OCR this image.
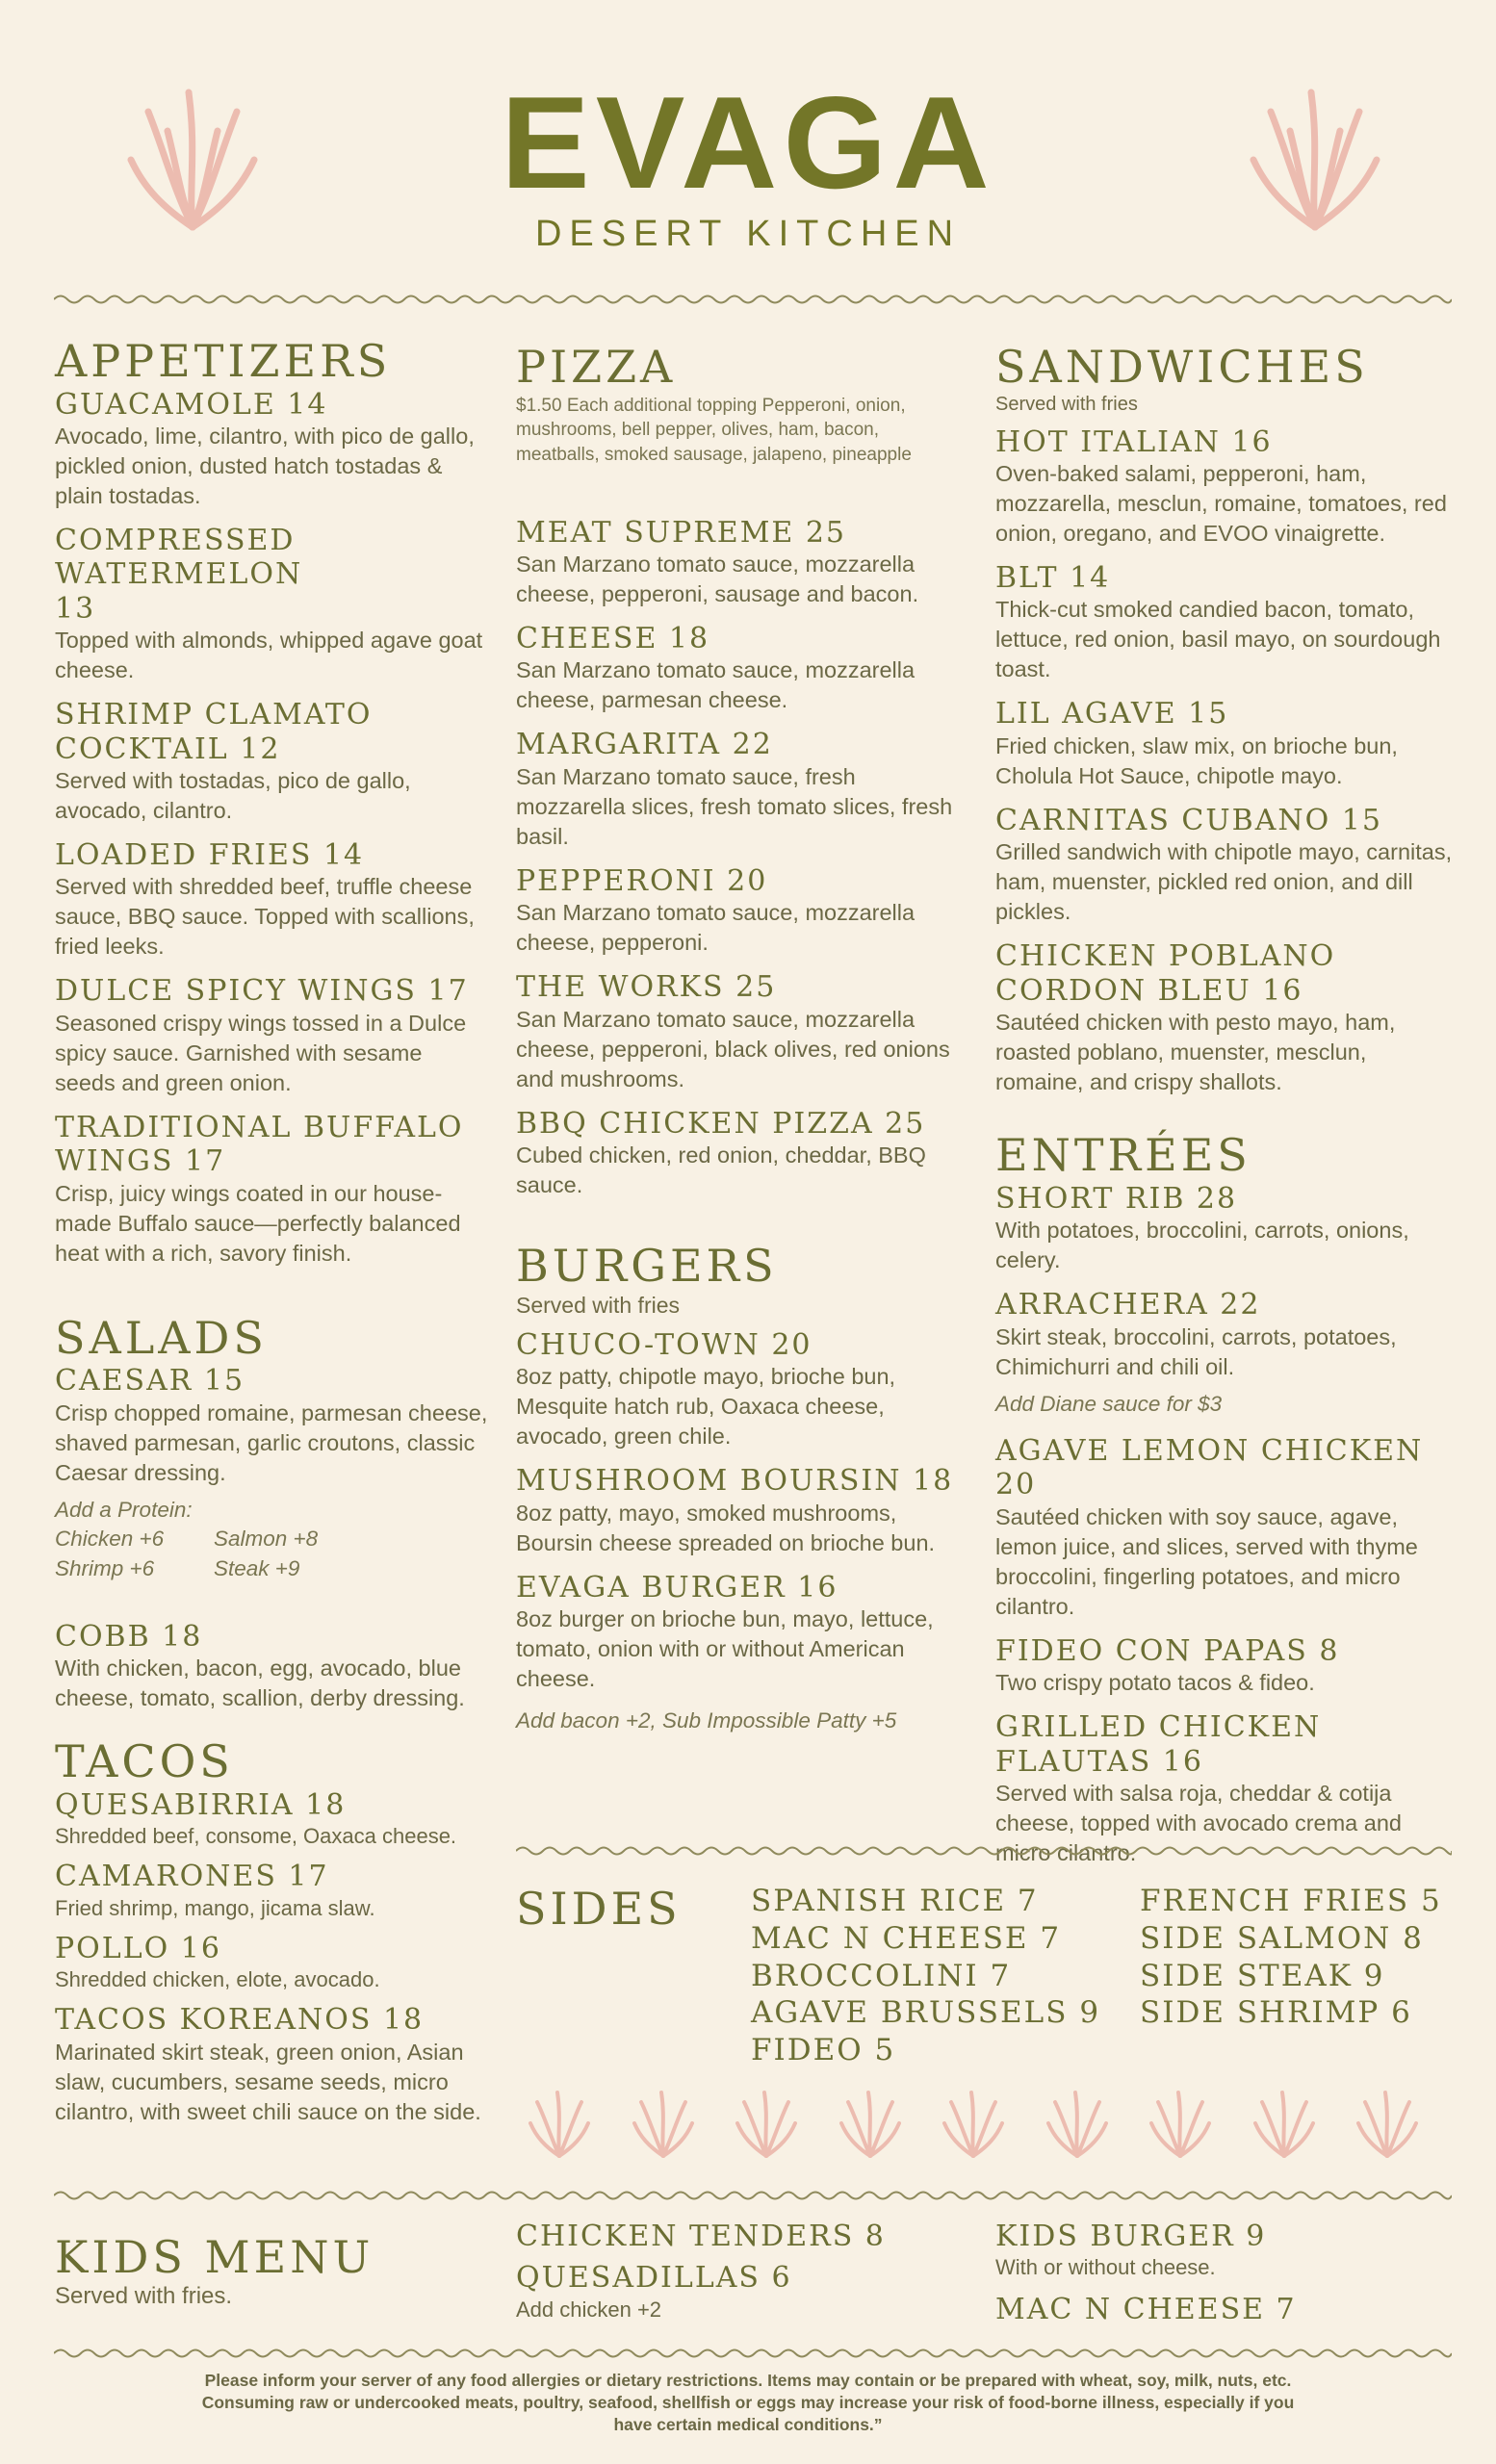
EVAGA
DESERT KITCHEN
APPETIZERS
GUACAMOLE 14
Avocado, lime, cilantro, with pico de gallo, pickled onion, dusted hatch tostadas & plain tostadas.
COMPRESSED WATERMELON 13
Topped with almonds, whipped agave goat cheese.
SHRIMP CLAMATO COCKTAIL 12
Served with tostadas, pico de gallo, avocado, cilantro.
LOADED FRIES 14
Served with shredded beef, truffle cheese sauce, BBQ sauce. Topped with scallions, fried leeks.
DULCE SPICY WINGS 17
Seasoned crispy wings tossed in a Dulce spicy sauce. Garnished with sesame seeds and green onion.
TRADITIONAL BUFFALO WINGS 17
Crisp, juicy wings coated in our house-made Buffalo sauce—perfectly balanced heat with a rich, savory finish.
SALADS
CAESAR 15
Crisp chopped romaine, parmesan cheese, shaved parmesan, garlic croutons, classic Caesar dressing.
Add a Protein:
Chicken +6	Salmon +8
Shrimp +6	Steak +9
COBB 18
With chicken, bacon, egg, avocado, blue cheese, tomato, scallion, derby dressing.
TACOS
QUESABIRRIA 18
Shredded beef, consome, Oaxaca cheese.
CAMARONES 17
Fried shrimp, mango, jicama slaw.
POLLO 16
Shredded chicken, elote, avocado.
TACOS KOREANOS 18
Marinated skirt steak, green onion, Asian slaw, cucumbers, sesame seeds, micro cilantro, with sweet chili sauce on the side.
PIZZA
$1.50 Each additional topping Pepperoni, onion, mushrooms, bell pepper, olives, ham, bacon, meatballs, smoked sausage, jalapeno, pineapple
MEAT SUPREME 25
San Marzano tomato sauce, mozzarella cheese, pepperoni, sausage and bacon.
CHEESE 18
San Marzano tomato sauce, mozzarella cheese, parmesan cheese.
MARGARITA 22
San Marzano tomato sauce, fresh mozzarella slices, fresh tomato slices, fresh basil.
PEPPERONI 20
San Marzano tomato sauce, mozzarella cheese, pepperoni.
THE WORKS 25
San Marzano tomato sauce, mozzarella cheese, pepperoni, black olives, red onions and mushrooms.
BBQ CHICKEN PIZZA 25
Cubed chicken, red onion, cheddar, BBQ sauce.
BURGERS
Served with fries
CHUCO-TOWN 20
8oz patty, chipotle mayo, brioche bun, Mesquite hatch rub, Oaxaca cheese, avocado, green chile.
MUSHROOM BOURSIN 18
8oz patty, mayo, smoked mushrooms, Boursin cheese spreaded on brioche bun.
EVAGA BURGER 16
8oz burger on brioche bun, mayo, lettuce, tomato, onion with or without American cheese.
Add bacon +2, Sub Impossible Patty +5
SANDWICHES
Served with fries
HOT ITALIAN 16
Oven-baked salami, pepperoni, ham, mozzarella, mesclun, romaine, tomatoes, red onion, oregano, and EVOO vinaigrette.
BLT 14
Thick-cut smoked candied bacon, tomato, lettuce, red onion, basil mayo, on sourdough toast.
LIL AGAVE 15
Fried chicken, slaw mix, on brioche bun, Cholula Hot Sauce, chipotle mayo.
CARNITAS CUBANO 15
Grilled sandwich with chipotle mayo, carnitas, ham, muenster, pickled red onion, and dill pickles.
CHICKEN POBLANO CORDON BLEU 16
Sautéed chicken with pesto mayo, ham, roasted poblano, muenster, mesclun, romaine, and crispy shallots.
ENTRÉES
SHORT RIB 28
With potatoes, broccolini, carrots, onions, celery.
ARRACHERA 22
Skirt steak, broccolini, carrots, potatoes, Chimichurri and chili oil.
Add Diane sauce for $3
AGAVE LEMON CHICKEN 20
Sautéed chicken with soy sauce, agave, lemon juice, and slices, served with thyme broccolini, fingerling potatoes, and micro cilantro.
FIDEO CON PAPAS 8
Two crispy potato tacos & fideo.
GRILLED CHICKEN FLAUTAS 16
Served with salsa roja, cheddar & cotija cheese, topped with avocado crema and micro cilantro.
SIDES SPANISH RICE 7
MAC N CHEESE 7
BROCCOLINI 7
AGAVE BRUSSELS 9
FIDEO 5
FRENCH FRIES 5
SIDE SALMON 8
SIDE STEAK 9
SIDE SHRIMP 6
KIDS MENU
Served with fries.
CHICKEN TENDERS 8
QUESADILLAS 6
Add chicken +2
KIDS BURGER 9
With or without cheese.
MAC N CHEESE 7
Please inform your server of any food allergies or dietary restrictions. Items may contain or be prepared with wheat, soy, milk, nuts, etc.
Consuming raw or undercooked meats, poultry, seafood, shellfish or eggs may increase your risk of food-borne illness, especially if you
have certain medical conditions.”
